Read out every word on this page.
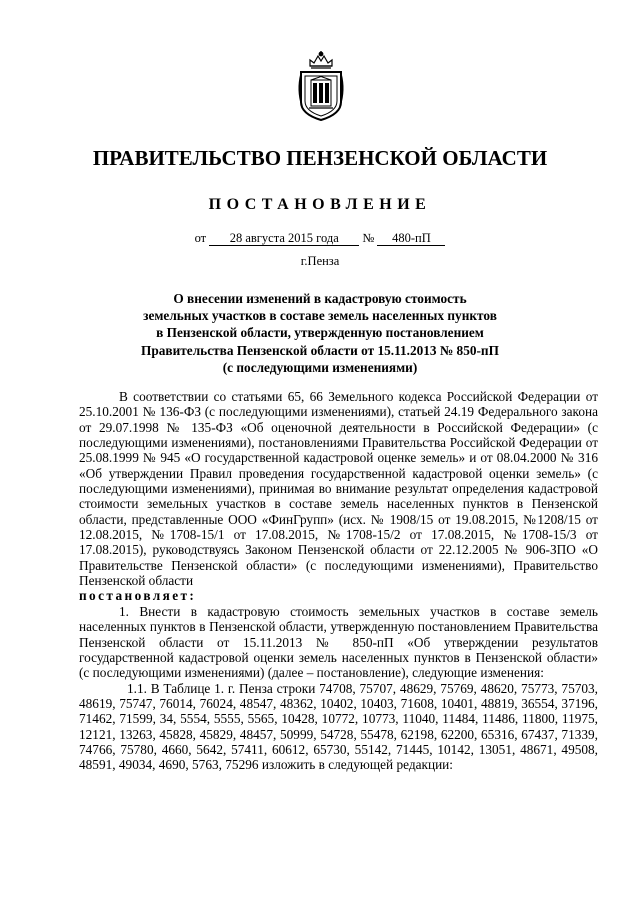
ПРАВИТЕЛЬСТВО ПЕНЗЕНСКОЙ ОБЛАСТИ
ПОСТАНОВЛЕНИЕ
от 28 августа 2015 года № 480-пП
г.Пенза
О внесении изменений в кадастровую стоимость
земельных участков в составе земель населенных пунктов
в Пензенской области, утвержденную постановлением
Правительства Пензенской области от 15.11.2013 № 850-пП
(с последующими изменениями)

В соответствии со статьями 65, 66 Земельного кодекса Российской Федерации от 25.10.2001 № 136-ФЗ (с последующими изменениями), статьей 24.19 Федерального закона от 29.07.1998 № 135-ФЗ «Об оценочной деятельности в Российской Федерации» (с последующими изменениями), постановлениями Правительства Российской Федерации от 25.08.1999 № 945 «О государственной кадастровой оценке земель» и от 08.04.2000 № 316 «Об утверждении Правил проведения государственной кадастровой оценки земель» (с последующими изменениями), принимая во внимание результат определения кадастровой стоимости земельных участков в составе земель населенных пунктов в Пензенской области, представленные ООО «ФинГрупп» (исх. № 1908/15 от 19.08.2015, №1208/15 от 12.08.2015, №1708-15/1 от 17.08.2015, №1708-15/2 от 17.08.2015, №1708-15/3 от 17.08.2015), руководствуясь Законом Пензенской области от 22.12.2005 № 906-ЗПО «О Правительстве Пензенской области» (с последующими изменениями), Правительство Пензенской области

постановляет:

1. Внести в кадастровую стоимость земельных участков в составе земель населенных пунктов в Пензенской области, утвержденную постановлением Правительства Пензенской области от 15.11.2013 № 850-пП «Об утверждении результатов государственной кадастровой оценки земель населенных пунктов в Пензенской области» (с последующими изменениями) (далее – постановление), следующие изменения:

1.1. В Таблице 1. г. Пенза строки 74708, 75707, 48629, 75769, 48620, 75773, 75703, 48619, 75747, 76014, 76024, 48547, 48362, 10402, 10403, 71608, 10401, 48819, 36554, 37196, 71462, 71599, 34, 5554, 5555, 5565, 10428, 10772, 10773, 11040, 11484, 11486, 11800, 11975, 12121, 13263, 45828, 45829, 48457, 50999, 54728, 55478, 62198, 62200, 65316, 67437, 71339, 74766, 75780, 4660, 5642, 57411, 60612, 65730, 55142, 71445, 10142, 13051, 48671, 49508, 48591, 49034, 4690, 5763, 75296 изложить в следующей редакции:
